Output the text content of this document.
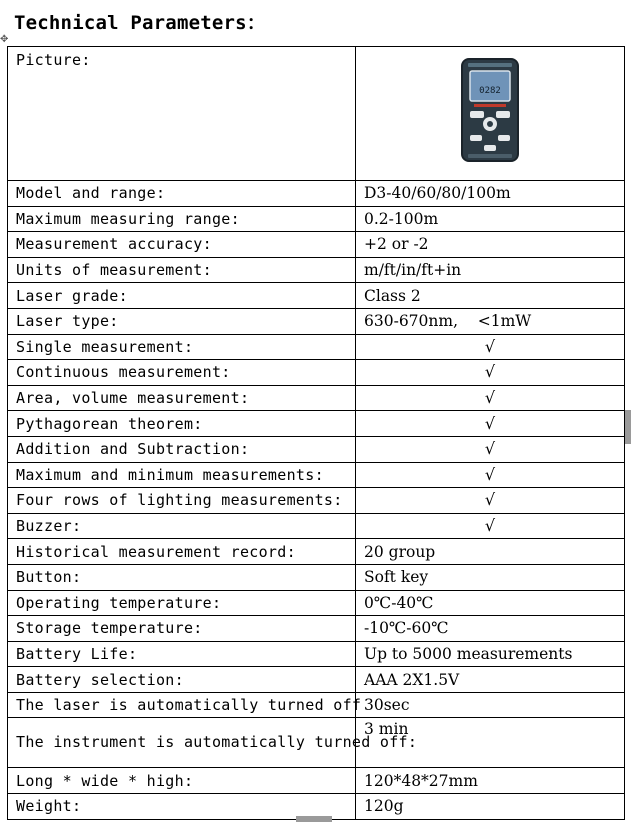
Technical Parameters：
✥
Picture:	0282

Model and range:	D3-40/60/80/100m
Maximum measuring range:	0.2-100m
Measurement accuracy:	+2 or -2
Units of measurement:	m/ft/in/ft+in
Laser grade:	Class 2
Laser type:	630-670nm,    <1mW
Single measurement:	√
Continuous measurement:	√
Area, volume measurement:	√
Pythagorean theorem:	√
Addition and Subtraction:	√
Maximum and minimum measurements:	√
Four rows of lighting measurements:	√
Buzzer:	√
Historical measurement record:	20 group
Button:	Soft key
Operating temperature:	0℃-40℃
Storage temperature:	-10℃-60℃
Battery Life:	Up to 5000 measurements
Battery selection:	AAA 2X1.5V
The laser is automatically turned off	30sec
The instrument is automatically turned off:	3 min
Long * wide * high:	120*48*27mm
Weight:	120g
